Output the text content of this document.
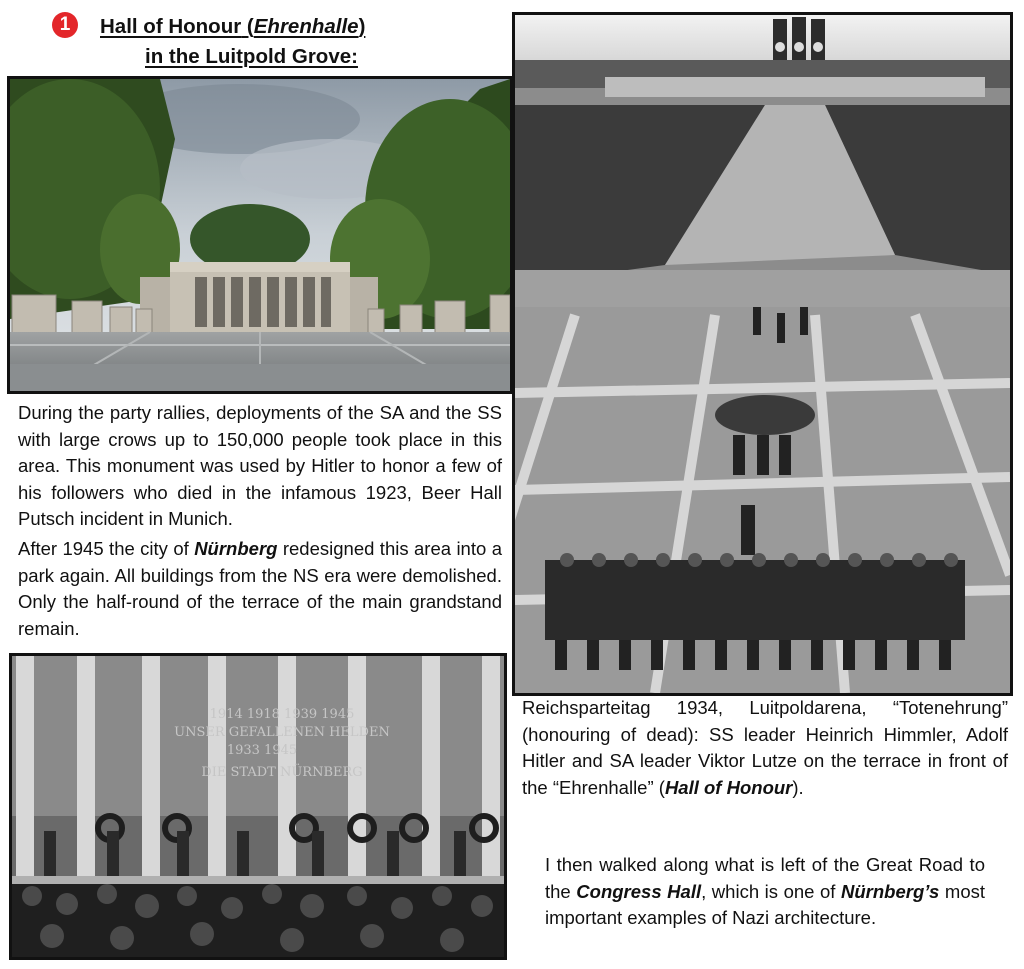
1	Hall of Honour (Ehrenhalle)
in the Luitpold Grove:
During the party rallies, deployments of the SA and the SS with large crows up to 150,000 people took place in this area. This monument was used by Hitler to honor a few of his followers who died in the infamous 1923, Beer Hall Putsch incident in Munich.
After 1945 the city of Nürnberg redesigned this area into a park again. All buildings from the NS era were demolished. Only the half-round of the terrace of the main grandstand remain.
1914 1918 1939 1945
UNSER GEFALLENEN HELDEN
1933 1945
DIE STADT NÜRNBERG
Reichsparteitag 1934, Luitpoldarena, “Totenehrung” (honouring of dead): SS leader Heinrich Himmler, Adolf Hitler and SA leader Viktor Lutze on the terrace in front of the “Ehrenhalle” (Hall of Honour).
I then walked along what is left of the Great Road to the Congress Hall, which is one of Nürnberg’s most important examples of Nazi architecture.
